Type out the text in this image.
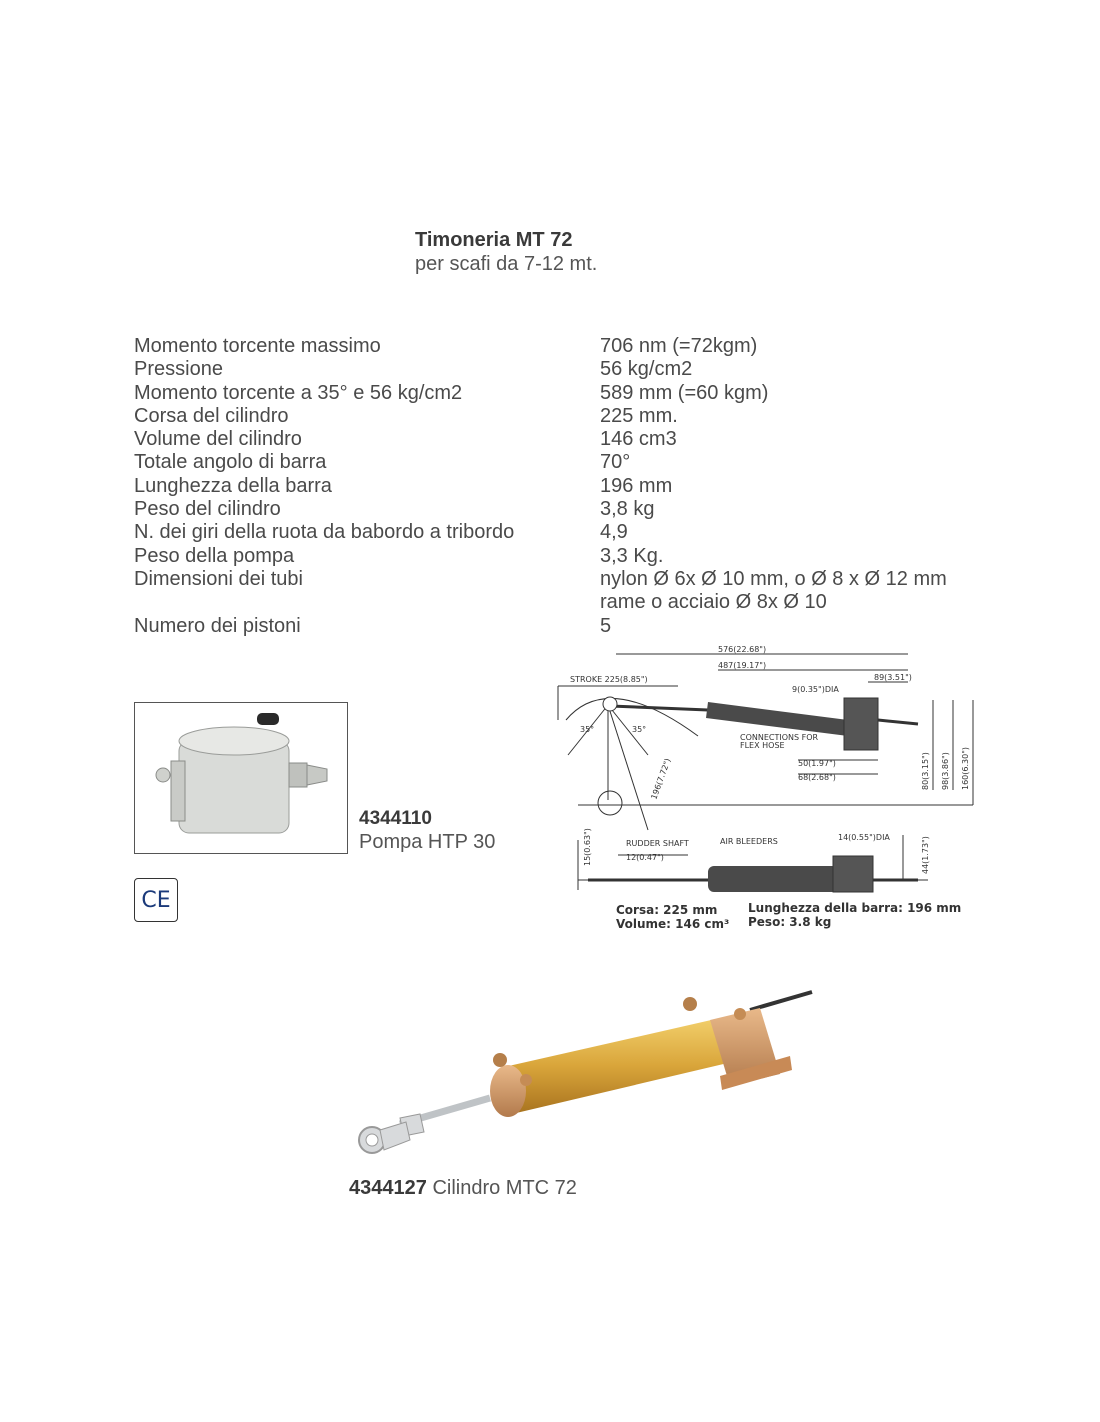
Timoneria MT 72
per scafi da 7-12 mt.
Momento torcente massimo	706 nm (=72kgm)
Pressione	56 kg/cm2
Momento torcente a 35° e 56 kg/cm2	589 mm (=60 kgm)
Corsa del cilindro	225 mm.
Volume del cilindro	146 cm3
Totale angolo di barra	70°
Lunghezza della barra	196 mm
Peso del cilindro	3,8 kg
N. dei giri della ruota da babordo a tribordo	4,9
Peso della pompa	3,3 Kg.
Dimensioni dei tubi	nylon Ø 6x Ø 10 mm, o Ø 8 x Ø 12 mm
rame o acciaio Ø 8x Ø 10
Numero dei pistoni	5
4344110
Pompa HTP 30
CE
576(22.68")
487(19.17")
89(3.51")
STROKE 225(8.85")
9(0.35")DIA
35°	35°
CONNECTIONS FOR
FLEX HOSE
50(1.97")
68(2.68")
196(7.72")	80(3.15") 98(3.86") 160(6.30")
15(0.63")	RUDDER SHAFT	AIR BLEEDERS	14(0.55")DIA
12(0.47")	44(1.73")
Corsa: 225 mm
Volume: 146 cm³
Lunghezza della barra: 196 mm
Peso: 3.8 kg
4344127 Cilindro MTC 72
